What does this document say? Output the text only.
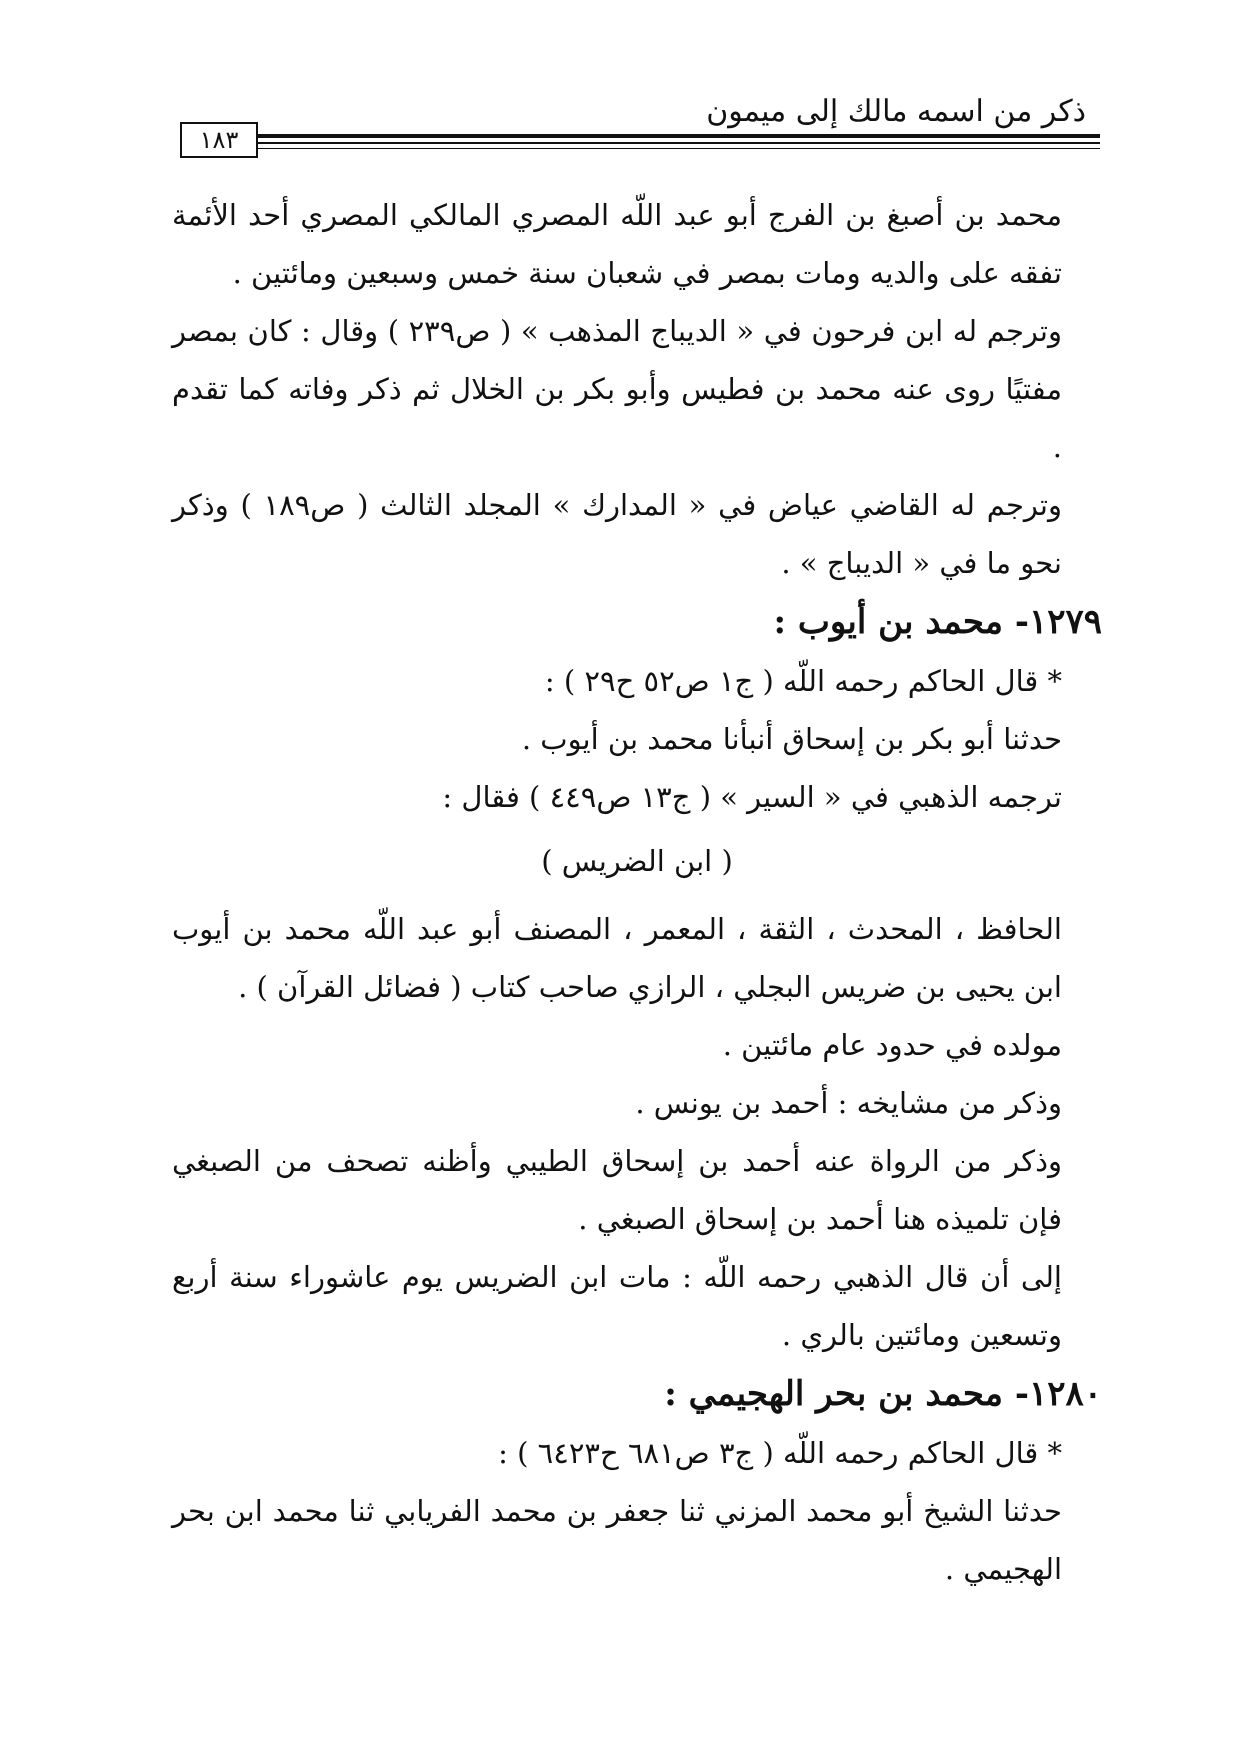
ذكر من اسمه مالك إلى ميمون
١٨٣

محمد بن أصبغ بن الفرج أبو عبد اللّه المصري المالكي المصري أحد الأئمة تفقه على والديه ومات بمصر في شعبان سنة خمس وسبعين ومائتين .

وترجم له ابن فرحون في « الديباج المذهب » ( ص٢٣٩ ) وقال : كان بمصر مفتيًا روى عنه محمد بن فطيس وأبو بكر بن الخلال ثم ذكر وفاته كما تقدم .

وترجم له القاضي عياض في « المدارك » المجلد الثالث ( ص١٨٩ ) وذكر نحو ما في « الديباج » .

١٢٧٩- محمد بن أيوب :

* قال الحاكم رحمه اللّه ( ج١ ص٥٢ ح٢٩ ) :

حدثنا أبو بكر بن إسحاق أنبأنا محمد بن أيوب .

ترجمه الذهبي في « السير » ( ج١٣ ص٤٤٩ ) فقال :

( ابن الضريس )

الحافظ ، المحدث ، الثقة ، المعمر ، المصنف أبو عبد اللّه محمد بن أيوب ابن يحيى بن ضريس البجلي ، الرازي صاحب كتاب ( فضائل القرآن ) .

مولده في حدود عام مائتين .

وذكر من مشايخه : أحمد بن يونس .

وذكر من الرواة عنه أحمد بن إسحاق الطيبي وأظنه تصحف من الصبغي فإن تلميذه هنا أحمد بن إسحاق الصبغي .

إلى أن قال الذهبي رحمه اللّه : مات ابن الضريس يوم عاشوراء سنة أربع وتسعين ومائتين بالري .

١٢٨٠- محمد بن بحر الهجيمي :

* قال الحاكم رحمه اللّه ( ج٣ ص٦٨١ ح٦٤٢٣ ) :

حدثنا الشيخ أبو محمد المزني ثنا جعفر بن محمد الفريابي ثنا محمد ابن بحر الهجيمي .
